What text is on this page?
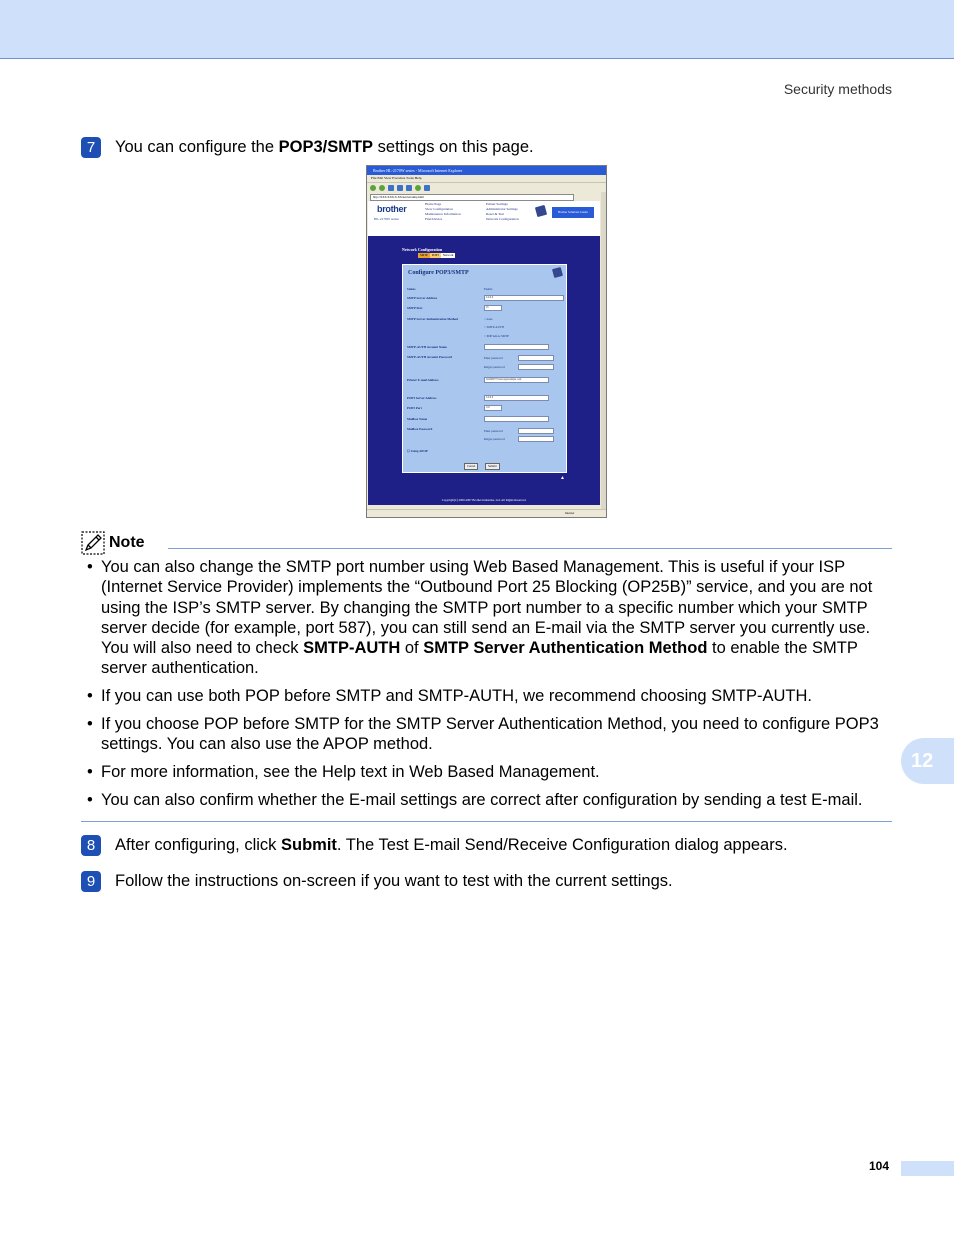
Security methods
7	You can configure the POP3/SMTP settings on this page.
Brother HL-2170W series - Microsoft Internet Explorer
File Edit View Favorites Tools Help
http://XXX.XXX.X.XX/net/net/smtp.html
brother
HL-2170W series
Home Page
View Configuration
Maintenance Information
Find Device
Printer Settings
Administrator Settings
Reset & Test
Network Configuration
Brother Solutions Center
Network Configuration
SMTP	POP3	Network
Configure POP3/SMTP
Status	Enable
SMTP Server Address	0.0.0.0
SMTP Port	25
SMTP Server Authentication Method	○ none
○ SMTP-AUTH
○ POP before SMTP
SMTP-AUTH Account Name
SMTP-AUTH Account Password	Enter password
Retype password
Printer E-mail Address	brn000077xxxxxx@example.com
POP3 Server Address	0.0.0.0
POP3 Port	110
Mailbox Name
Mailbox Password	Enter password
Retype password
☐ Using APOP
Cancel	Submit
▲
Copyright(C) 2000-2007 Brother Industries, Ltd. All Rights Reserved.
Internet
Note
• You can also change the SMTP port number using Web Based Management. This is useful if your ISP (Internet Service Provider) implements the “Outbound Port 25 Blocking (OP25B)” service, and you are not using the ISP’s SMTP server. By changing the SMTP port number to a specific number which your SMTP server decide (for example, port 587), you can still send an E-mail via the SMTP server you currently use. You will also need to check SMTP-AUTH of SMTP Server Authentication Method to enable the SMTP server authentication.
• If you can use both POP before SMTP and SMTP-AUTH, we recommend choosing SMTP-AUTH.
• If you choose POP before SMTP for the SMTP Server Authentication Method, you need to configure POP3 settings. You can also use the APOP method.
• For more information, see the Help text in Web Based Management.
• You can also confirm whether the E-mail settings are correct after configuration by sending a test E-mail.
8	After configuring, click Submit. The Test E-mail Send/Receive Configuration dialog appears.
9	Follow the instructions on-screen if you want to test with the current settings.
12
104
